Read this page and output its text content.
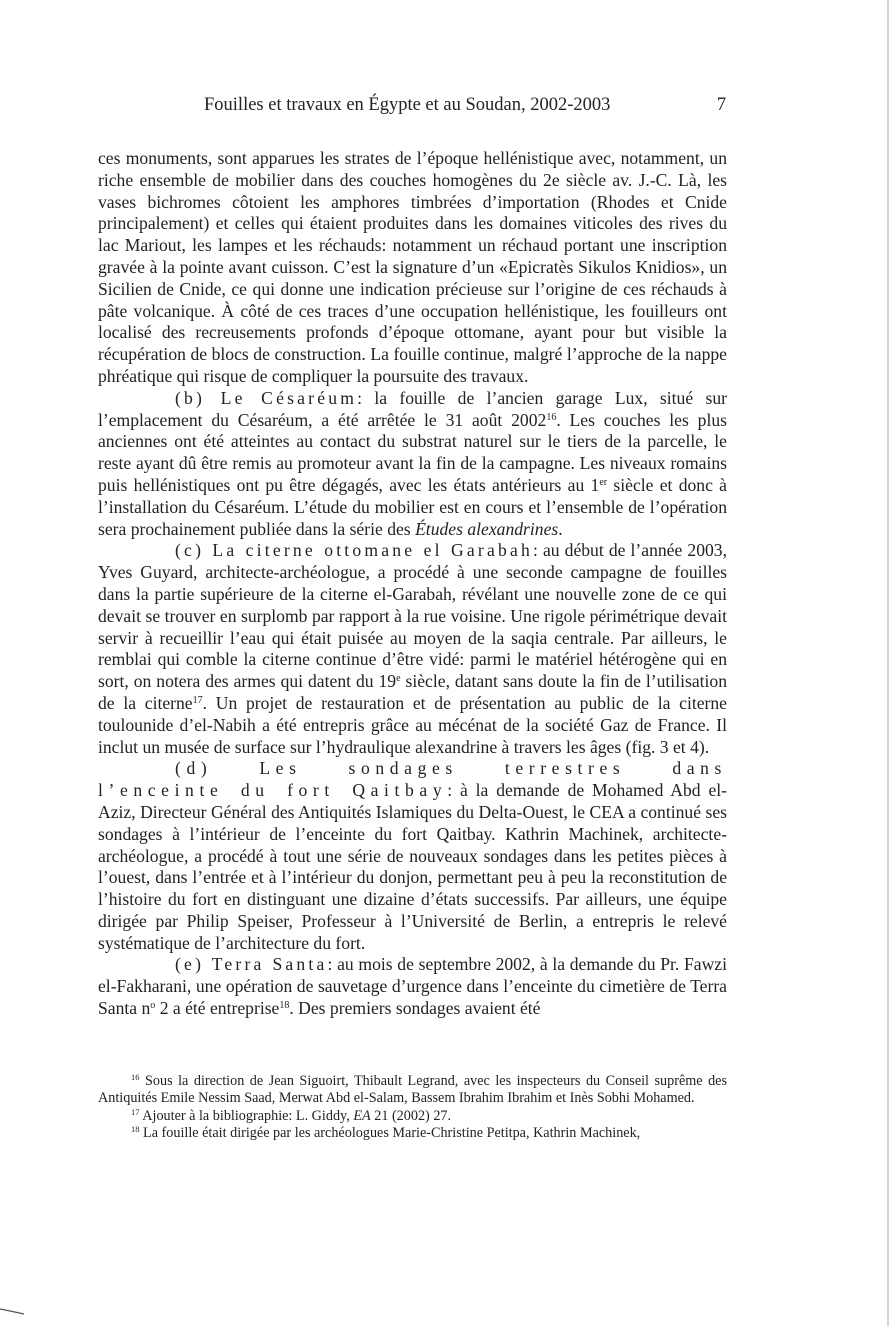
Fouilles et travaux en Égypte et au Soudan, 2002-2003	7

ces monuments, sont apparues les strates de l’époque hellénistique avec, notamment, un riche ensemble de mobilier dans des couches homogènes du 2e siècle av. J.-C. Là, les vases bichromes côtoient les amphores timbrées d’importation (Rhodes et Cnide principalement) et celles qui étaient produites dans les domaines viticoles des rives du lac Mariout, les lampes et les réchauds: notamment un réchaud portant une inscription gravée à la pointe avant cuisson. C’est la signature d’un «Epicratès Sikulos Knidios», un Sicilien de Cnide, ce qui donne une indication précieuse sur l’origine de ces réchauds à pâte volcanique. À côté de ces traces d’une occupation hellénistique, les fouilleurs ont localisé des recreusements profonds d’époque ottomane, ayant pour but visible la récupération de blocs de construction. La fouille continue, malgré l’approche de la nappe phréatique qui risque de compliquer la poursuite des travaux.

(b) Le Césaréum: la fouille de l’ancien garage Lux, situé sur l’emplacement du Césaréum, a été arrêtée le 31 août 2002$^{16}$. Les couches les plus anciennes ont été atteintes au contact du substrat naturel sur le tiers de la parcelle, le reste ayant dû être remis au promoteur avant la fin de la campagne. Les niveaux romains puis hellénistiques ont pu être dégagés, avec les états antérieurs au 1er siècle et donc à l’installation du Césaréum. L’étude du mobilier est en cours et l’ensemble de l’opération sera prochainement publiée dans la série des Études alexandrines.

(c) La citerne ottomane el Garabah: au début de l’année 2003, Yves Guyard, architecte-archéologue, a procédé à une seconde campagne de fouilles dans la partie supérieure de la citerne el-Garabah, révélant une nouvelle zone de ce qui devait se trouver en surplomb par rapport à la rue voisine. Une rigole périmétrique devait servir à recueillir l’eau qui était puisée au moyen de la saqia centrale. Par ailleurs, le remblai qui comble la citerne continue d’être vidé: parmi le matériel hétérogène qui en sort, on notera des armes qui datent du 19e siècle, datant sans doute la fin de l’utilisation de la citerne$^{17}$. Un projet de restauration et de présentation au public de la citerne toulounide d’el-Nabih a été entrepris grâce au mécénat de la société Gaz de France. Il inclut un musée de surface sur l’hydraulique alexandrine à travers les âges (fig. 3 et 4).

(d) Les sondages terrestres dans l’enceinte du fort Qaitbay: à la demande de Mohamed Abd el-Aziz, Directeur Général des Antiquités Islamiques du Delta-Ouest, le CEA a continué ses sondages à l’intérieur de l’enceinte du fort Qaitbay. Kathrin Machinek, architecte-archéologue, a procédé à tout une série de nouveaux sondages dans les petites pièces à l’ouest, dans l’entrée et à l’intérieur du donjon, permettant peu à peu la reconstitution de l’histoire du fort en distinguant une dizaine d’états successifs. Par ailleurs, une équipe dirigée par Philip Speiser, Professeur à l’Université de Berlin, a entrepris le relevé systématique de l’architecture du fort.

(e) Terra Santa: au mois de septembre 2002, à la demande du Pr. Fawzi el-Fakharani, une opération de sauvetage d’urgence dans l’enceinte du cimetière de Terra Santa $n^o$ 2 a été entreprise$^{18}$. Des premiers sondages avaient été

$^{16}$ Sous la direction de Jean Siguoirt, Thibault Legrand, avec les inspecteurs du Conseil suprême des Antiquités Emile Nessim Saad, Merwat Abd el-Salam, Bassem Ibrahim Ibrahim et Inès Sobhi Mohamed.

$^{17}$ Ajouter à la bibliographie: L. Giddy, EA 21 (2002) 27.

$^{18}$ La fouille était dirigée par les archéologues Marie-Christine Petitpa, Kathrin Machinek,
